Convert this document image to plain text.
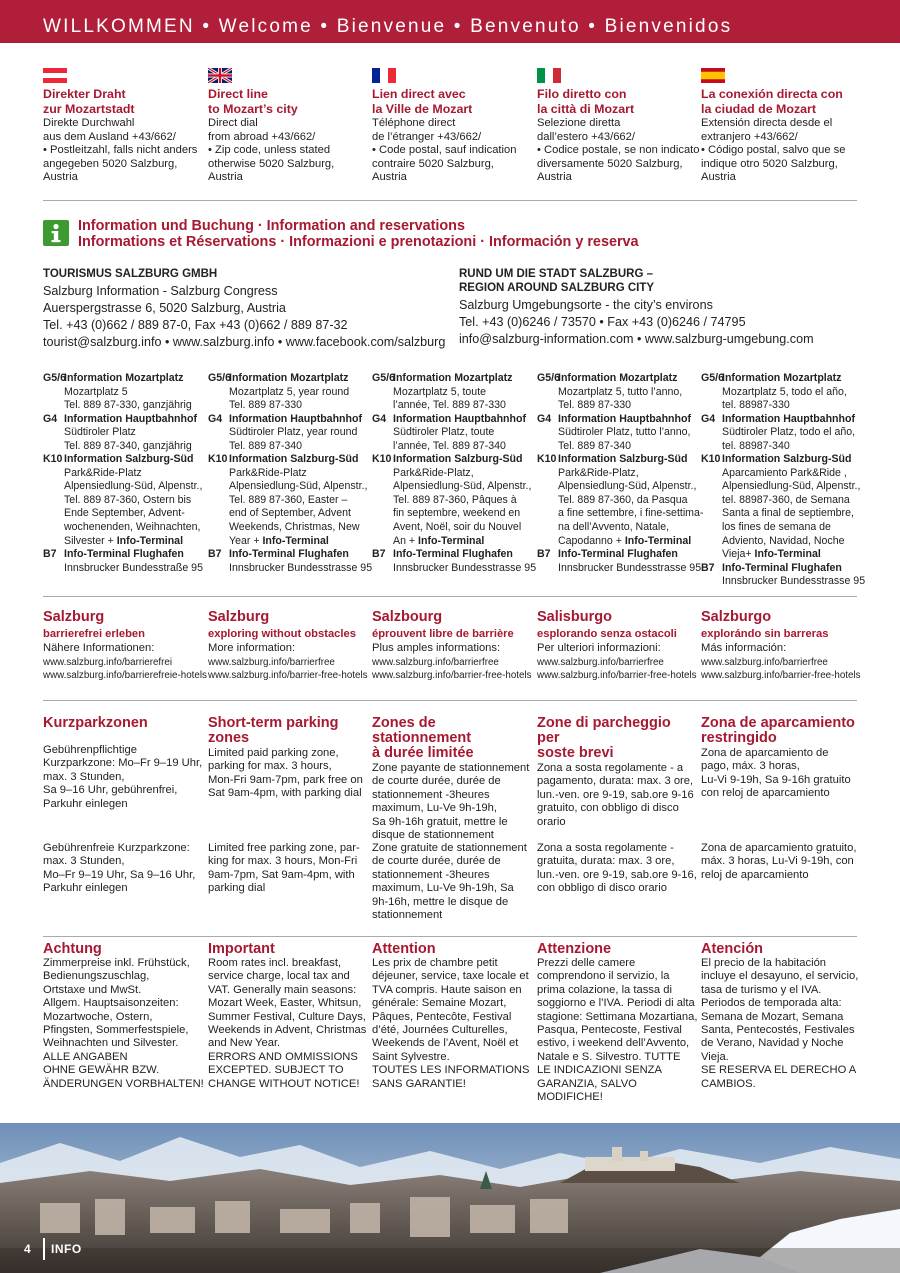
WILLKOMMEN • Welcome • Bienvenue • Benvenuto • Bienvenidos
Direkter Draht
zur Mozartstadt

Direkte Durchwahl

aus dem Ausland +43/662/

• Postleitzahl, falls nicht anders

angegeben 5020 Salzburg,

Austria

Direct line
to Mozart’s city

Direct dial

from abroad +43/662/

• Zip code, unless stated

otherwise 5020 Salzburg,

Austria

Lien direct avec
la Ville de Mozart

Téléphone direct

de l’étranger +43/662/

• Code postal, sauf indication

contraire 5020 Salzburg,

Austria

Filo diretto con
la città di Mozart

Selezione diretta

dall’estero +43/662/

• Codice postale, se non indicato

diversamente 5020 Salzburg,

Austria

La conexión directa con
la ciudad de Mozart

Extensión directa desde el

extranjero +43/662/

• Código postal, salvo que se

indique otro 5020 Salzburg,

Austria

Information und Buchung · Information and reservations
Informations et Réservations · Informazioni e prenotazioni · Información y reserva
TOURISMUS SALZBURG GMBH
Salzburg Information - Salzburg Congress
Auerspergstrasse 6, 5020 Salzburg, Austria
Tel. +43 (0)662 / 889 87-0, Fax +43 (0)662 / 889 87-32
tourist@salzburg.info • www.salzburg.info • www.facebook.com/salzburg
RUND UM DIE STADT SALZBURG –
REGION AROUND SALZBURG CITY
Salzburg Umgebungsorte - the city’s environs
Tel. +43 (0)6246 / 73570 • Fax +43 (0)6246 / 74795
info@salzburg-information.com • www.salzburg-umgebung.com
G5/6
Information Mozartplatz
Mozartplatz 5
Tel. 889 87-330, ganzjährig
G4 Information Hauptbahnhof
Südtiroler Platz
Tel. 889 87-340, ganzjährig
K10 Information Salzburg-Süd
Park&Ride-Platz
Alpensiedlung-Süd, Alpenstr.,
Tel. 889 87-360, Ostern bis
Ende September, Advent-
wochenenden, Weihnachten,
Silvester + Info-Terminal
B7 Info-Terminal Flughafen
Innsbrucker Bundesstraße 95
G5/6
Information Mozartplatz
Mozartplatz 5, year round
Tel. 889 87-330
G4 Information Hauptbahnhof
Südtiroler Platz, year round
Tel. 889 87-340
K10 Information Salzburg-Süd
Park&Ride-Platz
Alpensiedlung-Süd, Alpenstr.,
Tel. 889 87-360, Easter –
end of September, Advent
Weekends, Christmas, New
Year + Info-Terminal
B7 Info-Terminal Flughafen
Innsbrucker Bundesstrasse 95
G5/6
Information Mozartplatz
Mozartplatz 5, toute
l’année, Tel. 889 87-330
G4 Information Hauptbahnhof
Südtiroler Platz, toute
l’année, Tel. 889 87-340
K10 Information Salzburg-Süd
Park&Ride-Platz,
Alpensiedlung-Süd, Alpenstr.,
Tel. 889 87-360, Pâques à
fin septembre, weekend en
Avent, Noël, soir du Nouvel
An + Info-Terminal
B7 Info-Terminal Flughafen
Innsbrucker Bundesstrasse 95
G5/6
Information Mozartplatz
Mozartplatz 5, tutto l’anno,
Tel. 889 87-330
G4 Information Hauptbahnhof
Südtiroler Platz, tutto l’anno,
Tel. 889 87-340
K10 Information Salzburg-Süd
Park&Ride-Platz,
Alpensiedlung-Süd, Alpenstr.,
Tel. 889 87-360, da Pasqua
a fine settembre, i fine-settima-
na dell’Avvento, Natale,
Capodanno + Info-Terminal
B7 Info-Terminal Flughafen
Innsbrucker Bundesstrasse 95
G5/6
Information Mozartplatz
Mozartplatz 5, todo el año,
tel. 88987-330
G4 Information Hauptbahnhof
Südtiroler Platz, todo el año,
tel. 88987-340
K10 Information Salzburg-Süd
Aparcamiento Park&Ride ,
Alpensiedlung-Süd, Alpenstr.,
tel. 88987-360, de Semana
Santa a final de septiembre,
los fines de semana de
Adviento, Navidad, Noche
Vieja+ Info-Terminal
B7 Info-Terminal Flughafen
Innsbrucker Bundesstrasse 95
Salzburg
barrierefrei erleben

Nähere Informationen:

www.salzburg.info/barrierefrei

www.salzburg.info/barrierefreie-hotels

Salzburg
exploring without obstacles

More information:

www.salzburg.info/barrierfree

www.salzburg.info/barrier-free-hotels

Salzbourg
éprouvent libre de barrière

Plus amples informations:

www.salzburg.info/barrierfree

www.salzburg.info/barrier-free-hotels

Salisburgo
esplorando senza ostacoli

Per ulteriori informazioni:

www.salzburg.info/barrierfree

www.salzburg.info/barrier-free-hotels

Salzburgo
explorándo sin barreras

Más información:

www.salzburg.info/barrierfree

www.salzburg.info/barrier-free-hotels

Kurzparkzonen

Gebührenpflichtige

Kurzparkzone: Mo–Fr 9–19 Uhr,

max. 3 Stunden,

Sa 9–16 Uhr, gebührenfrei,

Parkuhr einlegen

Gebührenfreie Kurzparkzone:

max. 3 Stunden,

Mo–Fr 9–19 Uhr, Sa 9–16 Uhr,

Parkuhr einlegen

Short-term parking
zones

Limited paid parking zone,

parking for max. 3 hours,

Mon-Fri 9am-7pm, park free on

Sat 9am-4pm, with parking dial

Limited free parking zone, par-

king for max. 3 hours, Mon-Fri

9am-7pm, Sat 9am-4pm, with

parking dial

Zones de stationnement
à durée limitée

Zone payante de stationnement

de courte durée, durée de

stationnement -3heures

maximum, Lu-Ve 9h-19h,

Sa 9h-16h gratuit, mettre le

disque de stationnement

Zone gratuite de stationnement

de courte durée, durée de

stationnement -3heures

maximum, Lu-Ve 9h-19h, Sa

9h-16h, mettre le disque de

stationnement

Zone di parcheggio per
soste brevi

Zona a sosta regolamente - a

pagamento, durata: max. 3 ore,

lun.-ven. ore 9-19, sab.ore 9-16

gratuito, con obbligo di disco

orario

Zona a sosta regolamente -

gratuita, durata: max. 3 ore,

lun.-ven. ore 9-19, sab.ore 9-16,

con obbligo di disco orario

Zona de aparcamiento
restringido

Zona de aparcamiento de

pago, máx. 3 horas,

Lu-Vi 9-19h, Sa 9-16h gratuito

con reloj de aparcamiento

Zona de aparcamiento gratuito,

máx. 3 horas, Lu-Vi 9-19h, con

reloj de aparcamiento

Achtung

Zimmerpreise inkl. Frühstück,

Bedienungszuschlag,

Ortstaxe und MwSt.

Allgem. Hauptsaisonzeiten:

Mozartwoche, Ostern,

Pfingsten, Sommerfestspiele,

Weihnachten und Silvester.

ALLE ANGABEN

OHNE GEWÄHR BZW.

ÄNDERUNGEN VORBHALTEN!

Important

Room rates incl. breakfast,

service charge, local tax and

VAT. Generally main seasons:

Mozart Week, Easter, Whitsun,

Summer Festival, Culture Days,

Weekends in Advent, Christmas

and New Year.

ERRORS AND OMMISSIONS

EXCEPTED. SUBJECT TO

CHANGE WITHOUT NOTICE!

Attention

Les prix de chambre petit

déjeuner, service, taxe locale et

TVA compris. Haute saison en

générale: Semaine Mozart,

Pâques, Pentecôte, Festival

d’été, Journées Culturelles,

Weekends de l’Avent, Noël et

Saint Sylvestre.

TOUTES LES INFORMATIONS

SANS GARANTIE!

Attenzione

Prezzi delle camere

comprendono il servizio, la

prima colazione, la tassa di

soggiorno e l’IVA. Periodi di alta

stagione: Settimana Mozartiana,

Pasqua, Pentecoste, Festival

estivo, i weekend dell’Avvento,

Natale e S. Silvestro. TUTTE

LE INDICAZIONI SENZA

GARANZIA, SALVO

MODIFICHE!

Atención

El precio de la habitación

incluye el desayuno, el servicio,

tasa de turismo y el IVA.

Periodos de temporada alta:

Semana de Mozart, Semana

Santa, Pentecostés, Festivales

de Verano, Navidad y Noche

Vieja.

SE RESERVA EL DERECHO A

CAMBIOS.

4 INFO
